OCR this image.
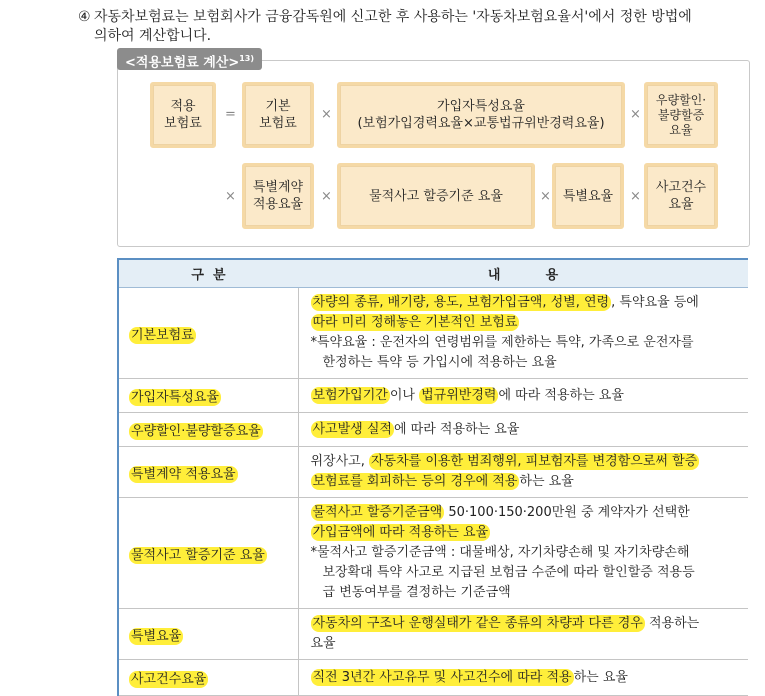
④ 자동차보험료는 보험회사가 금융감독원에 신고한 후 사용하는 '자동차보험요율서'에서 정한 방법에
의하여 계산합니다.
<적용보험료 계산>$^{13)}$
적용
보험료
=
기본
보험료
×
가입자특성요율
(보험가입경력요율×교통법규위반경력요율)
×
우량할인·
불량할증
요율
×
특별계약
적용요율
×	물적사고 할증기준 요율	× 특별요율	×
사고건수
요율
구  분	내          용
기본보험료	차량의 종류, 배기량, 용도, 보험가입금액, 성별, 연령 , 특약요율 등에
따라 미리 정해놓은 기본적인 보험료
*특약요율 : 운전자의 연령범위를 제한하는 특약, 가족으로 운전자를
한정하는 특약 등 가입시에 적용하는 요율

가입자특성요율	보험가입기간 이나 법규위반경력 에 따라 적용하는 요율
우량할인·불량할증요율	사고발생 실적 에 따라 적용하는 요율
특별계약 적용요율	위장사고, 자동차를 이용한 범죄행위, 피보험자를 변경함으로써 할증
보험료를 회피하는 등의 경우에 적용 하는 요율
물적사고 할증기준 요율	물적사고 할증기준금액 50·100·150·200만원 중 계약자가 선택한
가입금액에 따라 적용하는 요율
*물적사고 할증기준금액 : 대물배상, 자기차량손해 및 자기차량손해
보장확대 특약 사고로 지급된 보험금 수준에 따라 할인할증 적용등
급 변동여부를 결정하는 기준금액

특별요율	자동차의 구조나 운행실태가 같은 종류의 차량과 다른 경우 적용하는
요율
사고건수요율	직전 3년간 사고유무 및 사고건수에 따라 적용 하는 요율
